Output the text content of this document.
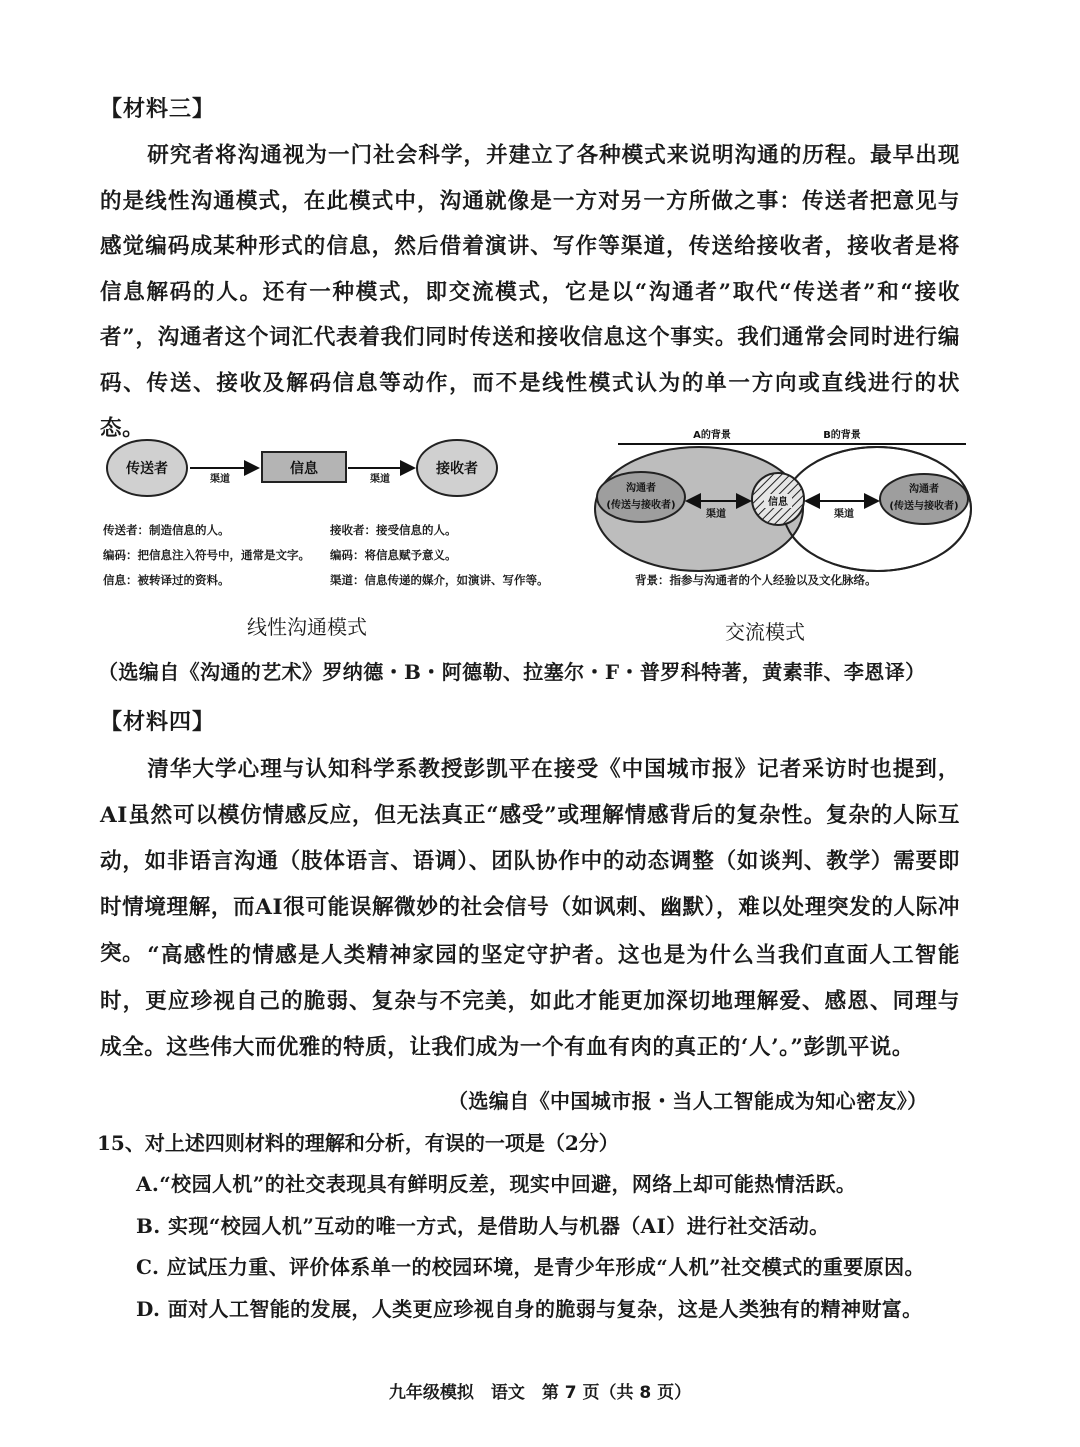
【材料三】

研究者将沟通视为一门社会科学，并建立了各种模式来说明沟通的历程。最早出现的是线性沟通模式，在此模式中，沟通就像是一方对另一方所做之事：传送者把意见与感觉编码成某种形式的信息，然后借着演讲、写作等渠道，传送给接收者，接收者是将信息解码的人。还有一种模式，即交流模式，它是以“沟通者”取代“传送者”和“接收者”，沟通者这个词汇代表着我们同时传送和接收信息这个事实。我们通常会同时进行编码、传送、接收及解码信息等动作，而不是线性模式认为的单一方向或直线进行的状态。

传送者
渠道
信息
渠道
接收者
传送者：制造信息的人。
编码：把信息注入符号中，通常是文字。
信息：被转译过的资料。
接收者：接受信息的人。
编码：将信息赋予意义。
渠道：信息传递的媒介，如演讲、写作等。
A的背景	B的背景
沟通者
(传送与接收者)	信息
沟通者
(传送与接收者)
渠道	渠道
背景：指参与沟通者的个人经验以及文化脉络。
线性沟通模式	交流模式
（选编自《沟通的艺术》罗纳德・B・阿德勒、拉塞尔・F・普罗科特著，黄素菲、李恩译）
【材料四】

清华大学心理与认知科学系教授彭凯平在接受《中国城市报》记者采访时也提到，AI虽然可以模仿情感反应，但无法真正“感受”或理解情感背后的复杂性。复杂的人际互动，如非语言沟通（肢体语言、语调）、团队协作中的动态调整（如谈判、教学）需要即时情境理解，而AI很可能误解微妙的社会信号（如讽刺、幽默），难以处理突发的人际冲突。 “高感性的情感是人类精神家园的坚定守护者。这也是为什么当我们直面人工智能时，更应珍视自己的脆弱、复杂与不完美，如此才能更加深切地理解爱、感恩、同理与成全。这些伟大而优雅的特质，让我们成为一个有血有肉的真正的‘人’。”彭凯平说。

（选编自《中国城市报・当人工智能成为知心密友》）
15、对上述四则材料的理解和分析，有误的一项是（2分）
A.“校园人机”的社交表现具有鲜明反差，现实中回避，网络上却可能热情活跃。
B. 实现“校园人机”互动的唯一方式，是借助人与机器（AI）进行社交活动。
C. 应试压力重、评价体系单一的校园环境，是青少年形成“人机”社交模式的重要原因。
D. 面对人工智能的发展，人类更应珍视自身的脆弱与复杂，这是人类独有的精神财富。
九年级模拟　语文　第 7 页（共 8 页）
